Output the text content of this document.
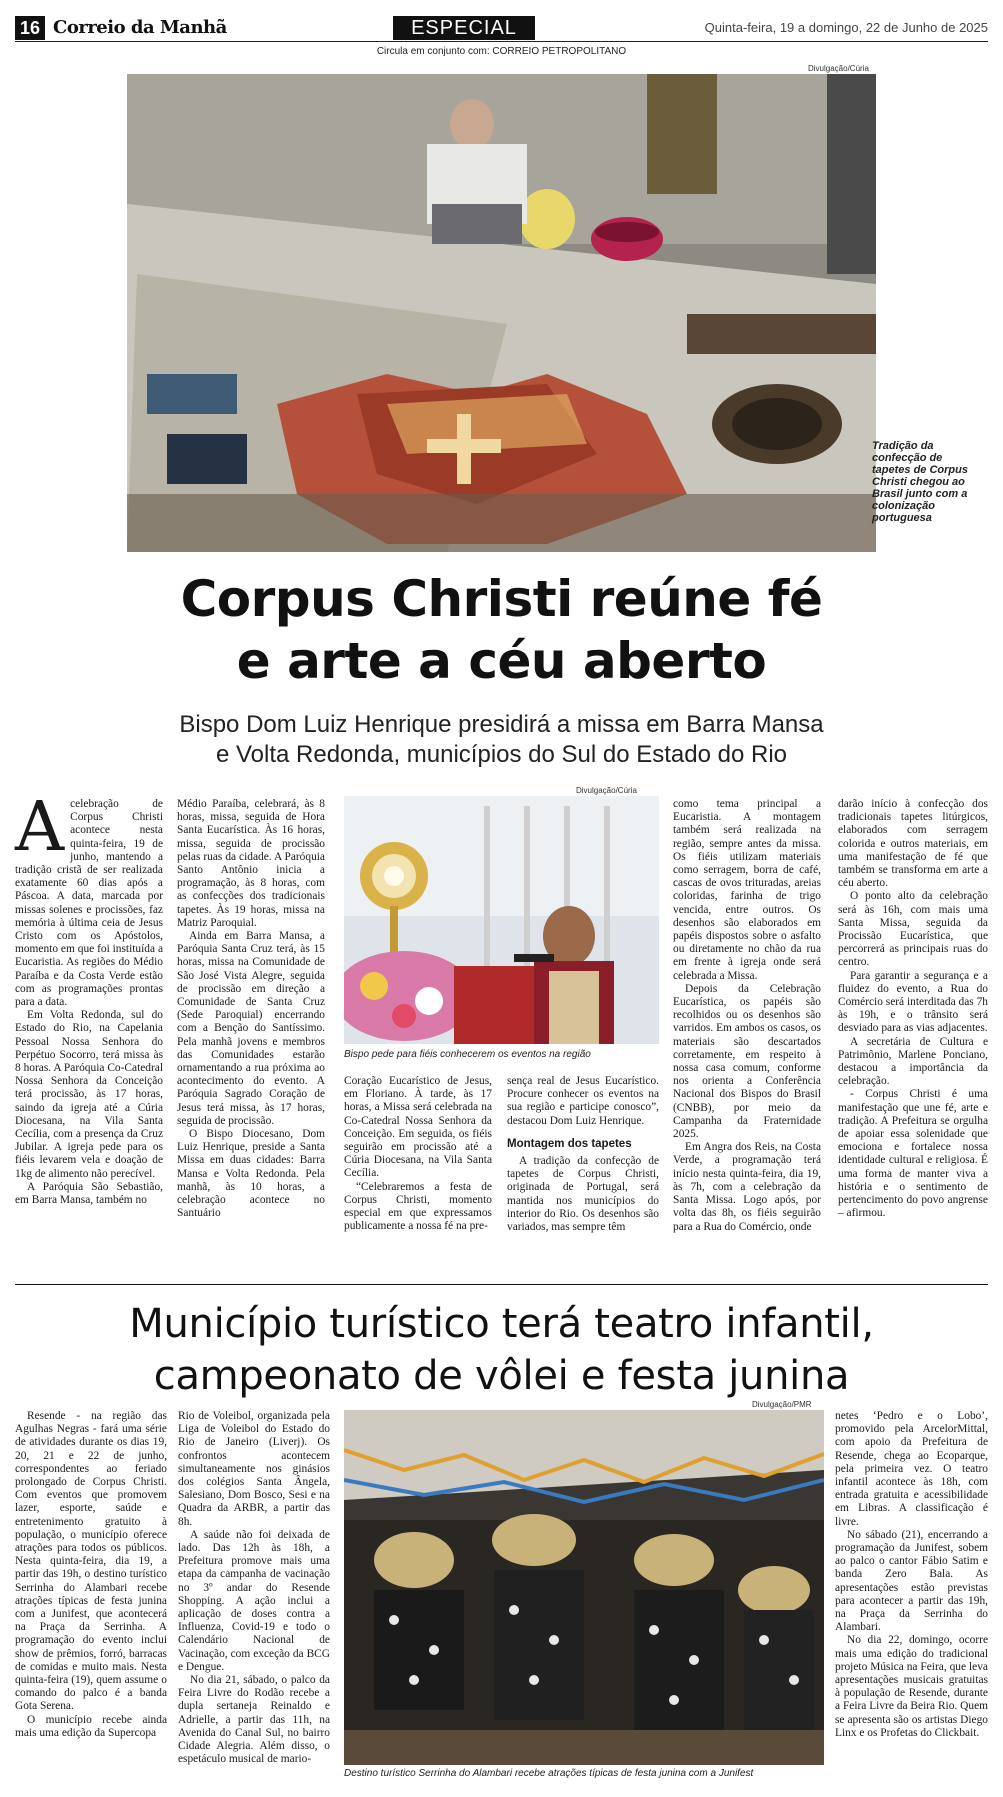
16 Correio da Manhã	ESPECIAL	Quinta-feira, 19 a domingo, 22 de Junho de 2025
Circula em conjunto com: CORREIO PETROPOLITANO
Divulgação/Cúria
Tradição da confecção de tapetes de Corpus Christi chegou ao Brasil junto com a colonização portuguesa
Corpus Christi reúne fé
e arte a céu aberto
Bispo Dom Luiz Henrique presidirá a missa em Barra Mansa
e Volta Redonda, municípios do Sul do Estado do Rio
A celebração de Corpus Christi acontece nesta quinta-feira, 19 de junho, mantendo a tradição cristã de ser realizada exatamente 60 dias após a Páscoa. A data, marcada por missas solenes e procissões, faz memória à última ceia de Jesus Cristo com os Apóstolos, momento em que foi instituída a Eucaristia. As regiões do Médio Paraíba e da Costa Verde estão com as programações prontas para a data.

Em Volta Redonda, sul do Estado do Rio, na Capelania Pessoal Nossa Senhora do Perpétuo Socorro, terá missa às 8 horas. A Paróquia Co-Catedral Nossa Senhora da Conceição terá procissão, às 17 horas, saindo da igreja até a Cúria Diocesana, na Vila Santa Cecília, com a presença da Cruz Jubilar. A igreja pede para os fiéis levarem vela e doação de 1kg de alimento não perecível.

A Paróquia São Sebastião, em Barra Mansa, também no

Médio Paraíba, celebrará, às 8 horas, missa, seguida de Hora Santa Eucarística. Às 16 horas, missa, seguida de procissão pelas ruas da cidade. A Paróquia Santo Antônio inicia a programação, às 8 horas, com as confecções dos tradicionais tapetes. Às 19 horas, missa na Matriz Paroquial.

Ainda em Barra Mansa, a Paróquia Santa Cruz terá, às 15 horas, missa na Comunidade de São José Vista Alegre, seguida de procissão em direção a Comunidade de Santa Cruz (Sede Paroquial) encerrando com a Benção do Santíssimo. Pela manhã jovens e membros das Comunidades estarão ornamentando a rua próxima ao acontecimento do evento. A Paróquia Sagrado Coração de Jesus terá missa, às 17 horas, seguida de procissão.

O Bispo Diocesano, Dom Luiz Henrique, preside a Santa Missa em duas cidades: Barra Mansa e Volta Redonda. Pela manhã, às 10 horas, a celebração acontece no Santuário

Divulgação/Cúria
Bispo pede para fiéis conhecerem os eventos na região

Coração Eucarístico de Jesus, em Floriano. À tarde, às 17 horas, a Missa será celebrada na Co-Catedral Nossa Senhora da Conceição. Em seguida, os fiéis seguirão em procissão até a Cúria Diocesana, na Vila Santa Cecília.

“Celebraremos a festa de Corpus Christi, momento especial em que expressamos publicamente a nossa fé na pre-

sença real de Jesus Eucarístico. Procure conhecer os eventos na sua região e participe conosco”, destacou Dom Luiz Henrique.

Montagem dos tapetes

A tradição da confecção de tapetes de Corpus Christi, originada de Portugal, será mantida nos municípios do interior do Rio. Os desenhos são variados, mas sempre têm

como tema principal a Eucaristia. A montagem também será realizada na região, sempre antes da missa. Os fiéis utilizam materiais como serragem, borra de café, cascas de ovos trituradas, areias coloridas, farinha de trigo vencida, entre outros. Os desenhos são elaborados em papéis dispostos sobre o asfalto ou diretamente no chão da rua em frente à igreja onde será celebrada a Missa.

Depois da Celebração Eucarística, os papéis são recolhidos ou os desenhos são varridos. Em ambos os casos, os materiais são descartados corretamente, em respeito à nossa casa comum, conforme nos orienta a Conferência Nacional dos Bispos do Brasil (CNBB), por meio da Campanha da Fraternidade 2025.

Em Angra dos Reis, na Costa Verde, a programação terá início nesta quinta-feira, dia 19, às 7h, com a celebração da Santa Missa. Logo após, por volta das 8h, os fiéis seguirão para a Rua do Comércio, onde

darão início à confecção dos tradicionais tapetes litúrgicos, elaborados com serragem colorida e outros materiais, em uma manifestação de fé que também se transforma em arte a céu aberto.

O ponto alto da celebração será às 16h, com mais uma Santa Missa, seguida da Procissão Eucarística, que percorrerá as principais ruas do centro.

Para garantir a segurança e a fluidez do evento, a Rua do Comércio será interditada das 7h às 19h, e o trânsito será desviado para as vias adjacentes.

A secretária de Cultura e Patrimônio, Marlene Ponciano, destacou a importância da celebração.

- Corpus Christi é uma manifestação que une fé, arte e tradição. A Prefeitura se orgulha de apoiar essa solenidade que emociona e fortalece nossa identidade cultural e religiosa. É uma forma de manter viva a história e o sentimento de pertencimento do povo angrense – afirmou.

Município turístico terá teatro infantil,
campeonato de vôlei e festa junina

Resende - na região das Agulhas Negras - fará uma série de atividades durante os dias 19, 20, 21 e 22 de junho, correspondentes ao feriado prolongado de Corpus Christi. Com eventos que promovem lazer, esporte, saúde e entretenimento gratuito à população, o município oferece atrações para todos os públicos. Nesta quinta-feira, dia 19, a partir das 19h, o destino turístico Serrinha do Alambari recebe atrações típicas de festa junina com a Junifest, que acontecerá na Praça da Serrinha. A programação do evento inclui show de prêmios, forró, barracas de comidas e muito mais. Nesta quinta-feira (19), quem assume o comando do palco é a banda Gota Serena.

O município recebe ainda mais uma edição da Supercopa

Rio de Voleibol, organizada pela Liga de Voleibol do Estado do Rio de Janeiro (Liverj). Os confrontos acontecem simultaneamente nos ginásios dos colégios Santa Ângela, Salesiano, Dom Bosco, Sesi e na Quadra da ARBR, a partir das 8h.

A saúde não foi deixada de lado. Das 12h às 18h, a Prefeitura promove mais uma etapa da campanha de vacinação no 3º andar do Resende Shopping. A ação inclui a aplicação de doses contra a Influenza, Covid-19 e todo o Calendário Nacional de Vacinação, com exceção da BCG e Dengue.

No dia 21, sábado, o palco da Feira Livre do Rodão recebe a dupla sertaneja Reinaldo e Adrielle, a partir das 11h, na Avenida do Canal Sul, no bairro Cidade Alegria. Além disso, o espetáculo musical de mario-

Divulgação/PMR
Destino turístico Serrinha do Alambari recebe atrações típicas de festa junina com a Junifest

netes ‘Pedro e o Lobo’, promovido pela ArcelorMittal, com apoio da Prefeitura de Resende, chega ao Ecoparque, pela primeira vez. O teatro infantil acontece às 18h, com entrada gratuita e acessibilidade em Libras. A classificação é livre.

No sábado (21), encerrando a programação da Junifest, sobem ao palco o cantor Fábio Satim e banda Zero Bala. As apresentações estão previstas para acontecer a partir das 19h, na Praça da Serrinha do Alambari.

No dia 22, domingo, ocorre mais uma edição do tradicional projeto Música na Feira, que leva apresentações musicais gratuitas à população de Resende, durante a Feira Livre da Beira Rio. Quem se apresenta são os artistas Diego Linx e os Profetas do Clickbait.
